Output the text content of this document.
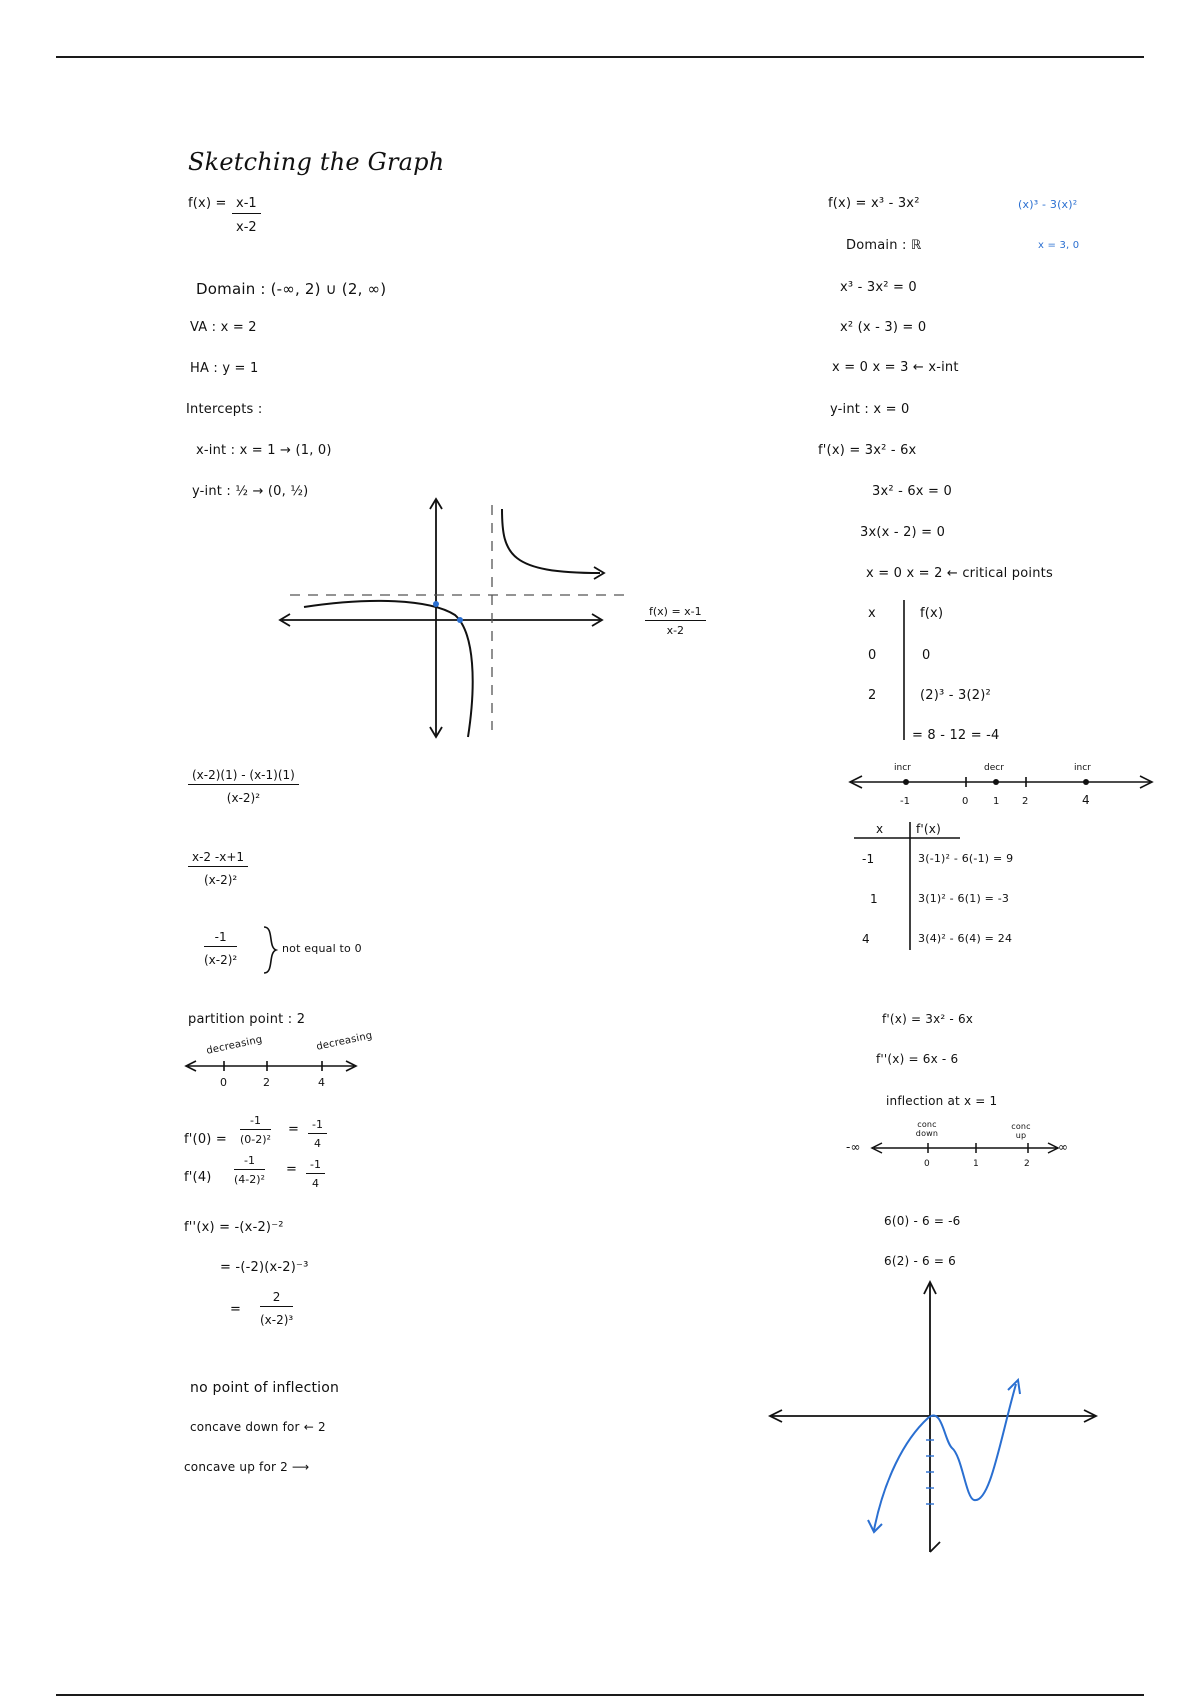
Sketching the Graph
$f(x) = \frac{x-1}{x-2}$
Domain : (-∞, 2) ∪ (2, ∞)
VA : x = 2
HA : y = 1
Intercepts :
x-int : x = 1 → (1, 0)
y-int : ½ → (0, ½)
$\frac{f(x) = x-1}{x-2}$
$\frac{(x-2)(1) - (x-1)(1)}{\text{(x-2)²}}$
$\frac{x-2 -x+1}{\text{(x-2)²}}$
$\frac{-1}{\text{(x-2)²}}$	not equal to 0
partition point : 2
decreasing	decreasing
0	2	4
$f'(0) = \frac{-1}{\text{(0-2)²}} = \frac{-1}{4}$
$f'(4) \frac{-1}{\text{(4-2)²}} = \frac{-1}{4}$
f''(x) = -(x-2)⁻²
= -(-2)(x-2)⁻³
= $\frac{2}{\text{(x-2)³}}$
no point of inflection
concave down for ← 2
concave up for 2 ⟶
f(x) = x³ - 3x²	(x)³ - 3(x)²
Domain : ℝ	x = 3, 0
x³ - 3x² = 0
x² (x - 3) = 0
x = 0 x = 3 ← x-int
y-int : x = 0
f'(x) = 3x² - 6x
3x² - 6x = 0
3x(x - 2) = 0
x = 0 x = 2 ← critical points
x	f(x)
0	0
2	(2)³ - 3(2)²
= 8 - 12 = -4
incr	decr	incr
-1	0 1 2	4
x	f'(x)
-1	3(-1)² - 6(-1) = 9
1	3(1)² - 6(1) = -3
4	3(4)² - 6(4) = 24
f'(x) = 3x² - 6x
f''(x) = 6x - 6
inflection at x = 1
conc down
conc up
-∞	∞
0	1	2
6(0) - 6 = -6
6(2) - 6 = 6
